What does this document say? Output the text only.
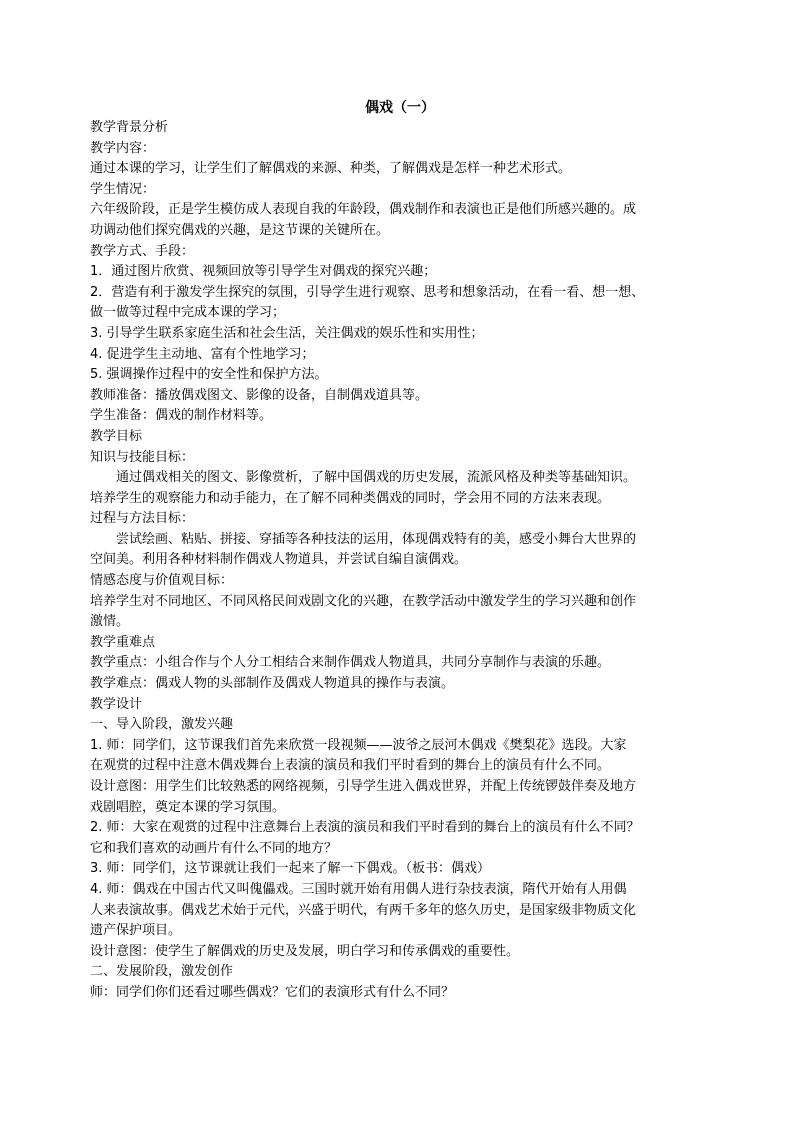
偶戏（一）

教学背景分析

教学内容：

通过本课的学习，让学生们了解偶戏的来源、种类，了解偶戏是怎样一种艺术形式。

学生情况：

六年级阶段，正是学生模仿成人表现自我的年龄段，偶戏制作和表演也正是他们所感兴趣的。成

功调动他们探究偶戏的兴趣，是这节课的关键所在。

教学方式、手段：

1．通过图片欣赏、视频回放等引导学生对偶戏的探究兴趣；

2．营造有利于激发学生探究的氛围，引导学生进行观察、思考和想象活动，在看一看、想一想、

做一做等过程中完成本课的学习；

3. 引导学生联系家庭生活和社会生活，关注偶戏的娱乐性和实用性；

4. 促进学生主动地、富有个性地学习；

5. 强调操作过程中的安全性和保护方法。

教师准备：播放偶戏图文、影像的设备，自制偶戏道具等。

学生准备：偶戏的制作材料等。

教学目标

知识与技能目标：

通过偶戏相关的图文、影像赏析，了解中国偶戏的历史发展，流派风格及种类等基础知识。

培养学生的观察能力和动手能力，在了解不同种类偶戏的同时，学会用不同的方法来表现。

过程与方法目标：

尝试绘画、粘贴、拼接、穿插等各种技法的运用，体现偶戏特有的美，感受小舞台大世界的

空间美。利用各种材料制作偶戏人物道具，并尝试自编自演偶戏。

情感态度与价值观目标：

培养学生对不同地区、不同风格民间戏剧文化的兴趣，在教学活动中激发学生的学习兴趣和创作

激情。

教学重难点

教学重点：小组合作与个人分工相结合来制作偶戏人物道具，共同分享制作与表演的乐趣。

教学难点：偶戏人物的头部制作及偶戏人物道具的操作与表演。

教学设计

一、导入阶段，激发兴趣

1. 师：同学们，这节课我们首先来欣赏一段视频——波爷之辰河木偶戏《樊梨花》选段。大家

在观赏的过程中注意木偶戏舞台上表演的演员和我们平时看到的舞台上的演员有什么不同。

设计意图：用学生们比较熟悉的网络视频，引导学生进入偶戏世界，并配上传统锣鼓伴奏及地方

戏剧唱腔，奠定本课的学习氛围。

2. 师：大家在观赏的过程中注意舞台上表演的演员和我们平时看到的舞台上的演员有什么不同？

它和我们喜欢的动画片有什么不同的地方？

3. 师：同学们，这节课就让我们一起来了解一下偶戏。（板书：偶戏）

4. 师：偶戏在中国古代又叫傀儡戏。三国时就开始有用偶人进行杂技表演，隋代开始有人用偶

人来表演故事。偶戏艺术始于元代，兴盛于明代，有两千多年的悠久历史，是国家级非物质文化

遗产保护项目。

设计意图：使学生了解偶戏的历史及发展，明白学习和传承偶戏的重要性。

二、发展阶段，激发创作

师：同学们你们还看过哪些偶戏？它们的表演形式有什么不同？
